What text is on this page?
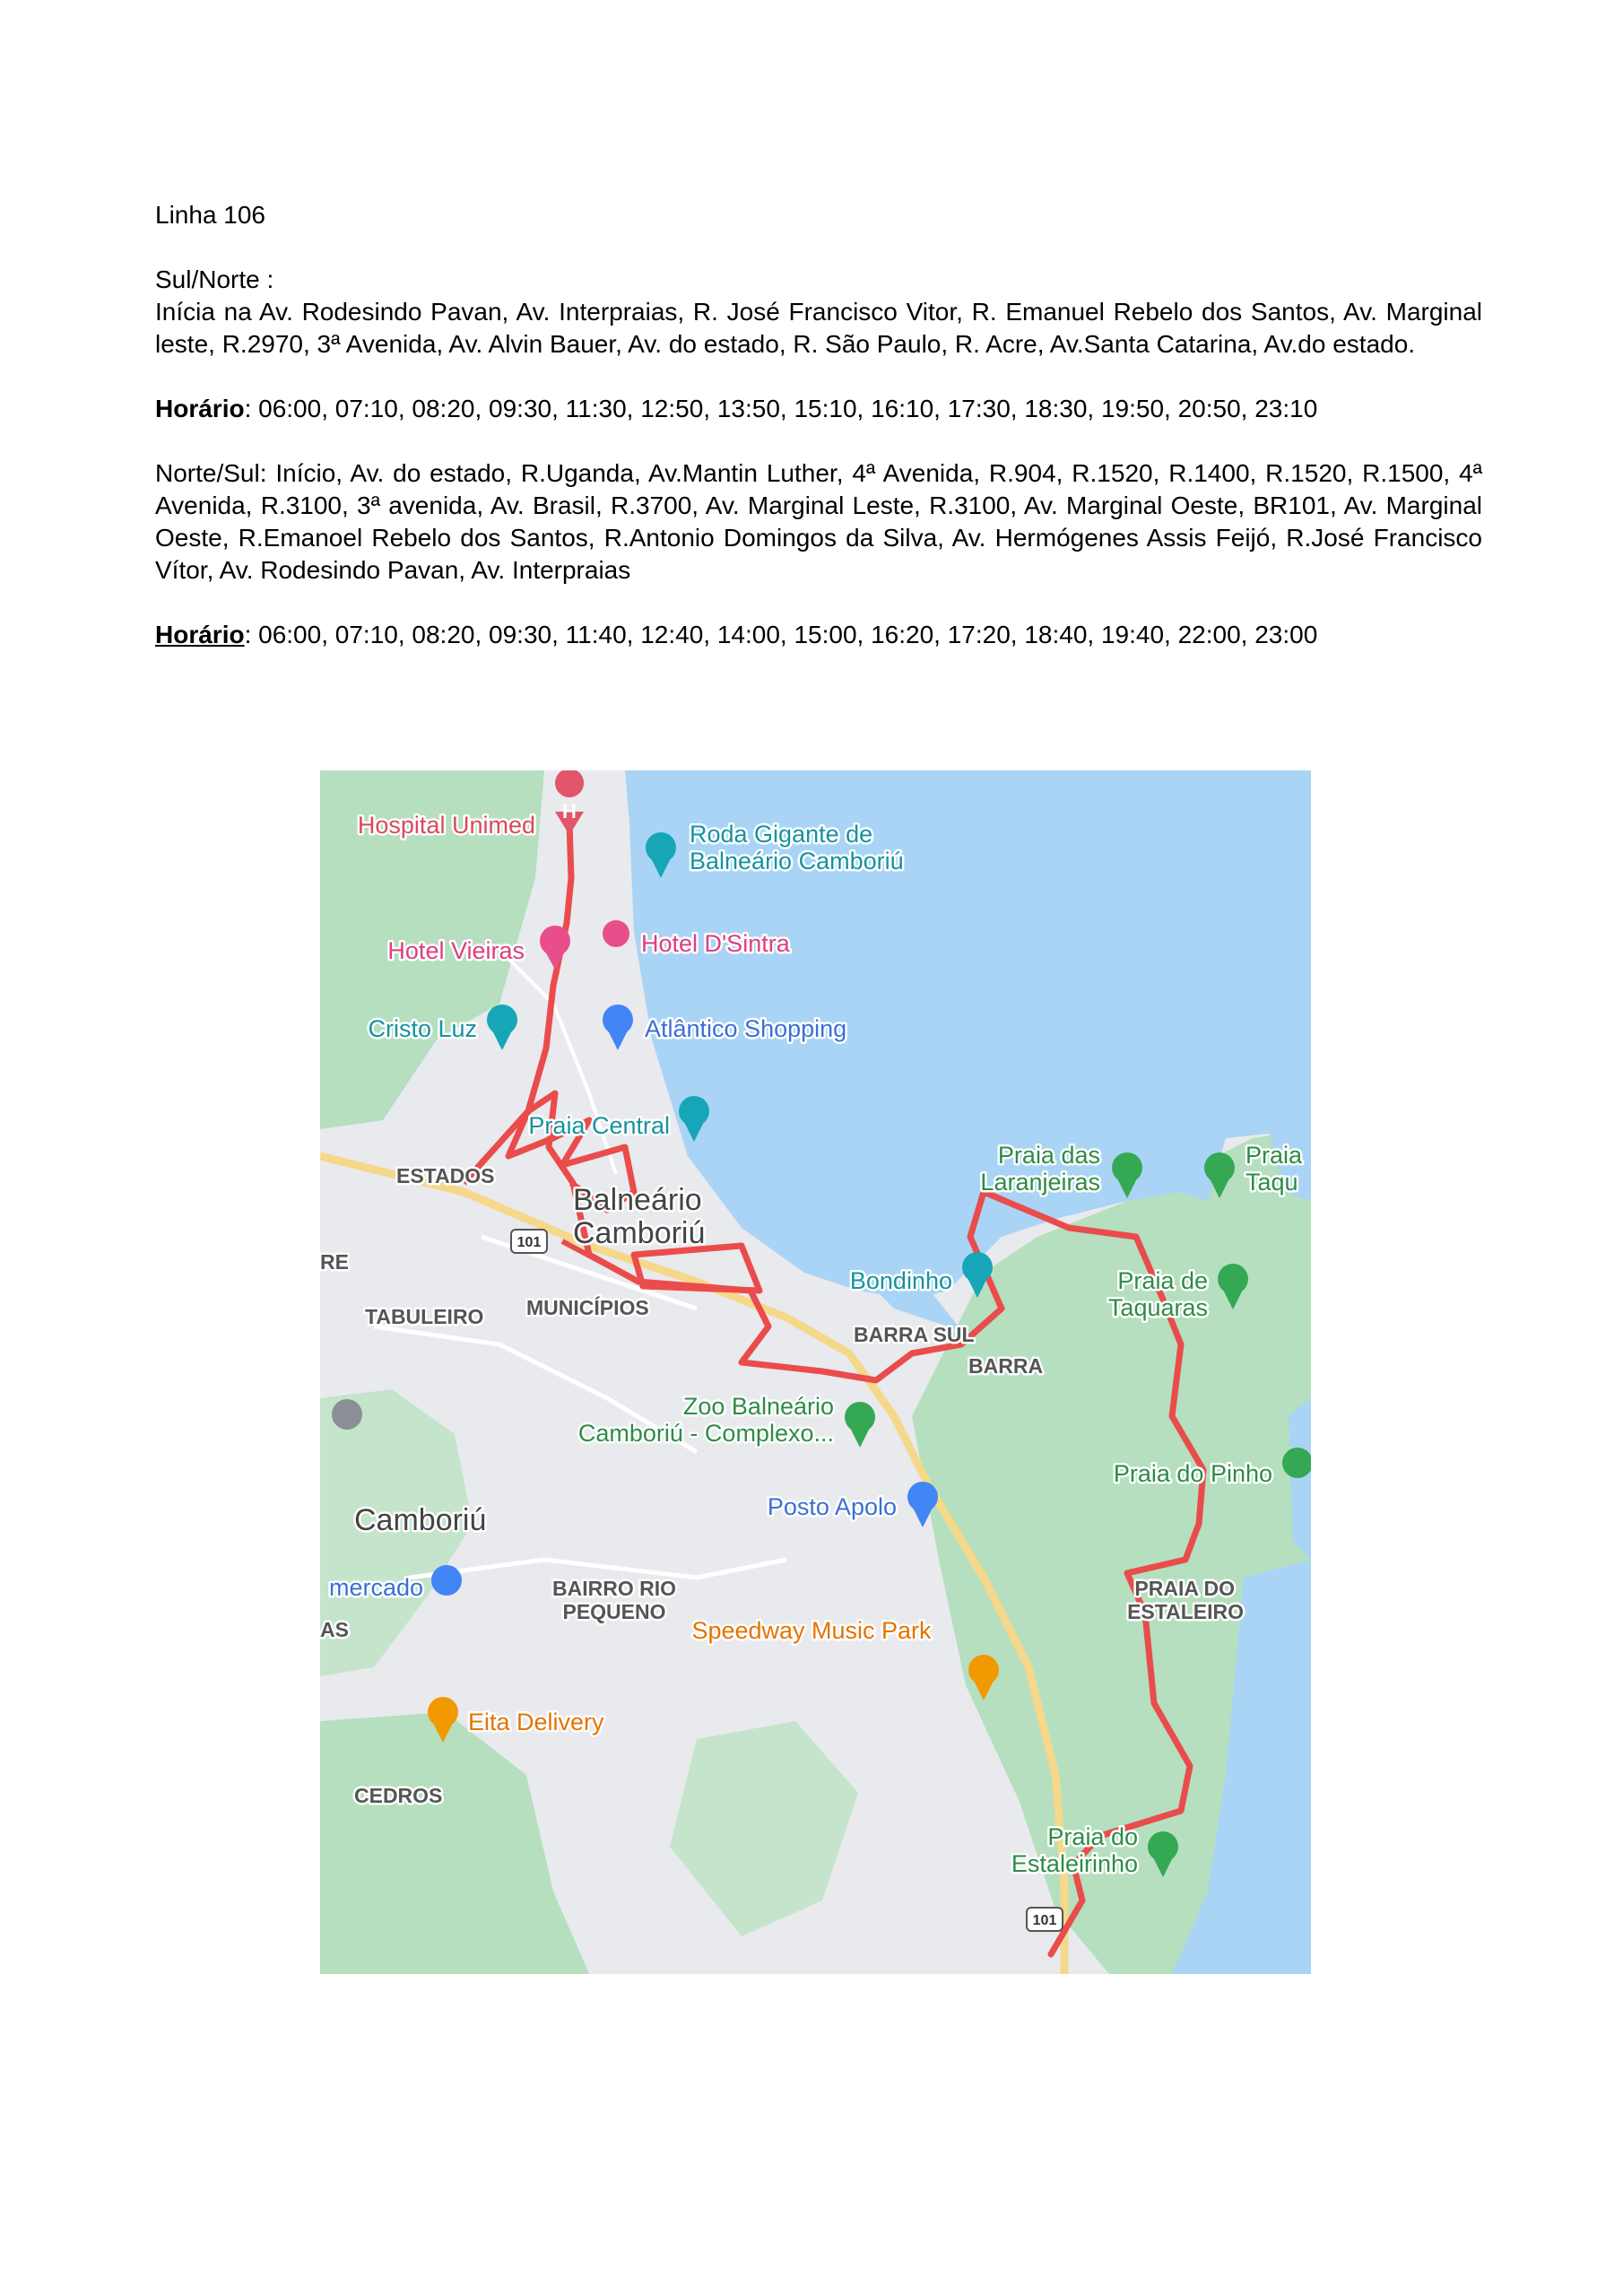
Linha 106

Sul/Norte :

Inícia na Av. Rodesindo Pavan, Av. Interpraias, R. José Francisco Vitor, R. Emanuel Rebelo dos Santos, Av. Marginal leste, R.2970, 3ª Avenida, Av. Alvin Bauer, Av. do estado, R. São Paulo, R. Acre, Av.Santa Catarina, Av.do estado.

Horário: 06:00, 07:10, 08:20, 09:30, 11:30, 12:50, 13:50, 15:10, 16:10, 17:30, 18:30, 19:50, 20:50, 23:10

Norte/Sul: Início, Av. do estado, R.Uganda, Av.Mantin Luther, 4ª Avenida, R.904, R.1520, R.1400, R.1520, R.1500, 4ª Avenida, R.3100, 3ª avenida, Av. Brasil, R.3700, Av. Marginal Leste, R.3100, Av. Marginal Oeste, BR101, Av. Marginal Oeste, R.Emanoel Rebelo dos Santos, R.Antonio Domingos da Silva, Av. Hermógenes Assis Feijó, R.José Francisco Vítor, Av. Rodesindo Pavan, Av. Interpraias

Horário: 06:00, 07:10, 08:20, 09:30, 11:40, 12:40, 14:00, 15:00, 16:20, 17:20, 18:40, 19:40, 22:00, 23:00

H
Hospital Unimed	Roda Gigante de
Balneário Camboriú
Hotel Vieiras	Hotel D'Sintra
Cristo Luz	Atlântico Shopping
Praia Central
ESTADOS
Balneário
Camboriú
RE
TABULEIRO MUNICÍPIOS
101
101
Bondinho
BARRA SUL
BARRA
Praia das
Laranjeiras
Praia
Taqu
Praia de
Taquaras
Zoo Balneário
Camboriú - Complexo...
Praia do Pinho
Camboriú	Posto Apolo
mercado
AS
BAIRRO RIO
PEQUENO
PRAIA DO
ESTALEIRO
Speedway Music Park
Eita Delivery
CEDROS
Praia do
Estaleirinho
